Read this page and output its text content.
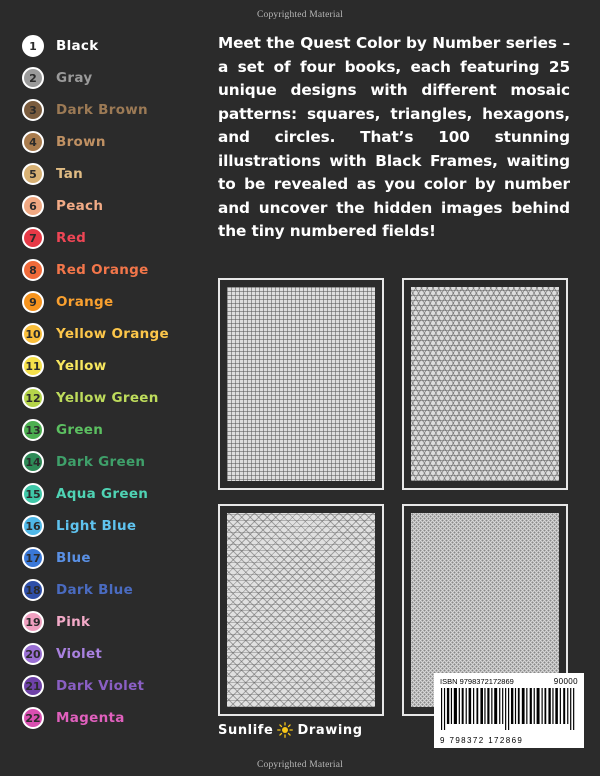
Copyrighted Material
1	Black
2	Gray
3	Dark Brown
4	Brown
5	Tan
6	Peach
7	Red
8	Red Orange
9	Orange
10 Yellow Orange
11 Yellow
12 Yellow Green
13 Green
14 Dark Green
15 Aqua Green
16 Light Blue
17 Blue
18 Dark Blue
19 Pink
20 Violet
21 Dark Violet
22 Magenta
Meet the Quest Color by Number series – a set of four books, each featuring 25 unique designs with different mosaic patterns: squares, triangles, hexagons, and circles. That’s 100 stunning illustrations with Black Frames, waiting to be revealed as you color by number and uncover the hidden images behind the tiny numbered fields!
Sunlife Drawing
ISBN 9798372172869	90000
9 798372 172869
Copyrighted Material
